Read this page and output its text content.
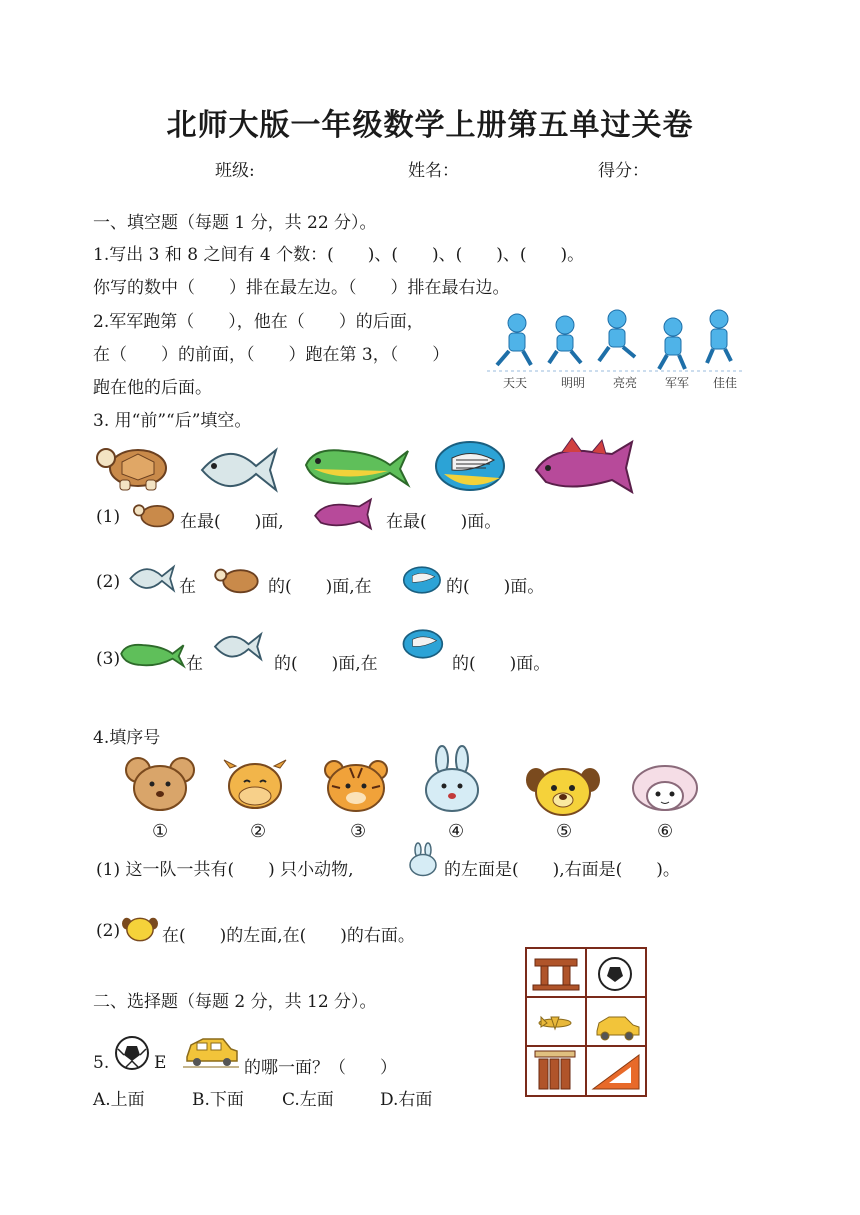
北师大版一年级数学上册第五单过关卷
班级:	姓名：	得分：
一、填空题（每题 1 分，共 22 分）。
1.写出 3 和 8 之间有 4 个数：(　　)、(　　)、(　　)、(　　)。
你写的数中（　　）排在最左边。（　　）排在最右边。
2.军军跑第（　　），他在（　　）的后面，
在（　　）的前面，（　　）跑在第 3，（　　）
跑在他的后面。	天天	明明 亮亮 军军 佳佳
3. 用“前”“后”填空。
(1)	在最(　　)面,	在最(　　)面。
(2)	在	的(　　)面,在	的(　　)面。
(3)	在	的(　　)面,在	的(　　)面。
4.填序号
①	②	③	④	⑤	⑥
(1) 这一队一共有(　　) 只小动物,	的左面是(　　),右面是(　　)。
(2) 在(　　)的左面,在(　　)的右面。
二、选择题（每题 2 分，共 12 分）。
5.	E	的哪一面？（　　）
A.上面	B.下面 C.左面	D.右面
